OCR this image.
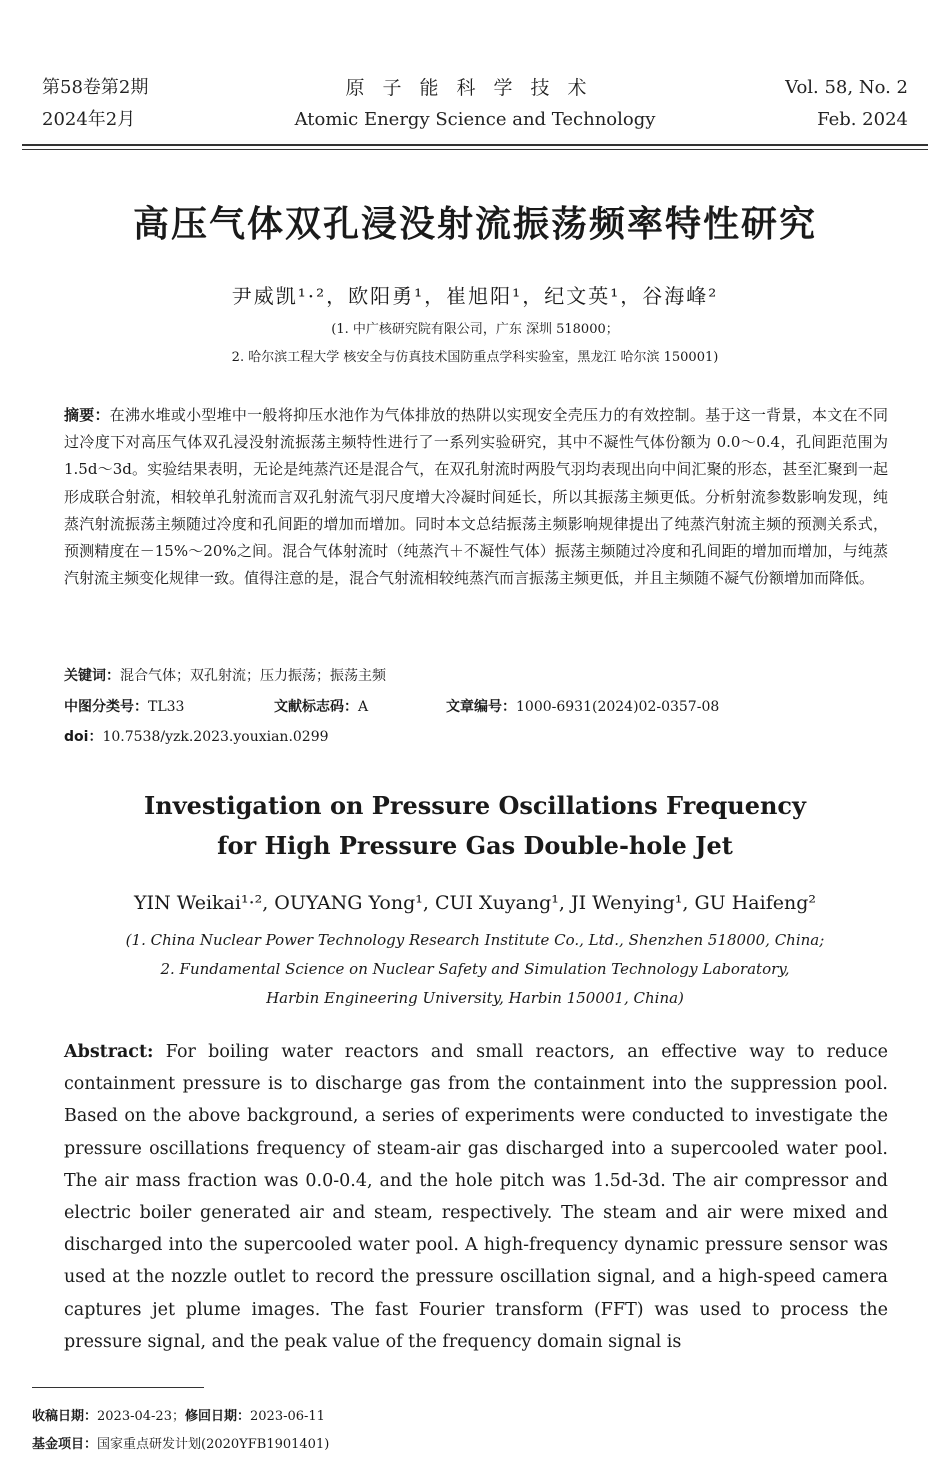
第58卷第2期
2024年2月
原子能科学技术
Atomic Energy Science and Technology
Vol. 58, No. 2
Feb. 2024
高压气体双孔浸没射流振荡频率特性研究
尹威凯¹·²，欧阳勇¹，崔旭阳¹，纪文英¹，谷海峰²
(1. 中广核研究院有限公司，广东 深圳 518000；
2. 哈尔滨工程大学 核安全与仿真技术国防重点学科实验室，黑龙江 哈尔滨 150001)
摘要：在沸水堆或小型堆中一般将抑压水池作为气体排放的热阱以实现安全壳压力的有效控制。基于这一背景，本文在不同过冷度下对高压气体双孔浸没射流振荡主频特性进行了一系列实验研究，其中不凝性气体份额为 0.0～0.4，孔间距范围为 1.5d～3d。实验结果表明，无论是纯蒸汽还是混合气，在双孔射流时两股气羽均表现出向中间汇聚的形态，甚至汇聚到一起形成联合射流，相较单孔射流而言双孔射流气羽尺度增大冷凝时间延长，所以其振荡主频更低。分析射流参数影响发现，纯蒸汽射流振荡主频随过冷度和孔间距的增加而增加。同时本文总结振荡主频影响规律提出了纯蒸汽射流主频的预测关系式，预测精度在－15%～20%之间。混合气体射流时（纯蒸汽＋不凝性气体）振荡主频随过冷度和孔间距的增加而增加，与纯蒸汽射流主频变化规律一致。值得注意的是，混合气射流相较纯蒸汽而言振荡主频更低，并且主频随不凝气份额增加而降低。
关键词：混合气体；双孔射流；压力振荡；振荡主频
中图分类号：TL33	文献标志码：A	文章编号：1000-6931(2024)02-0357-08
doi：10.7538/yzk.2023.youxian.0299
Investigation on Pressure Oscillations Frequency
for High Pressure Gas Double-hole Jet
YIN Weikai¹·², OUYANG Yong¹, CUI Xuyang¹, JI Wenying¹, GU Haifeng²
(1. China Nuclear Power Technology Research Institute Co., Ltd., Shenzhen 518000, China;
2. Fundamental Science on Nuclear Safety and Simulation Technology Laboratory,
Harbin Engineering University, Harbin 150001, China)
Abstract: For boiling water reactors and small reactors, an effective way to reduce containment pressure is to discharge gas from the containment into the suppression pool. Based on the above background, a series of experiments were conducted to investigate the pressure oscillations frequency of steam-air gas discharged into a supercooled water pool. The air mass fraction was 0.0-0.4, and the hole pitch was 1.5d-3d. The air compressor and electric boiler generated air and steam, respectively. The steam and air were mixed and discharged into the supercooled water pool. A high-frequency dynamic pressure sensor was used at the nozzle outlet to record the pressure oscillation signal, and a high-speed camera captures jet plume images. The fast Fourier transform (FFT) was used to process the pressure signal, and the peak value of the frequency domain signal is
收稿日期：2023-04-23；修回日期：2023-06-11
基金项目：国家重点研发计划(2020YFB1901401)
